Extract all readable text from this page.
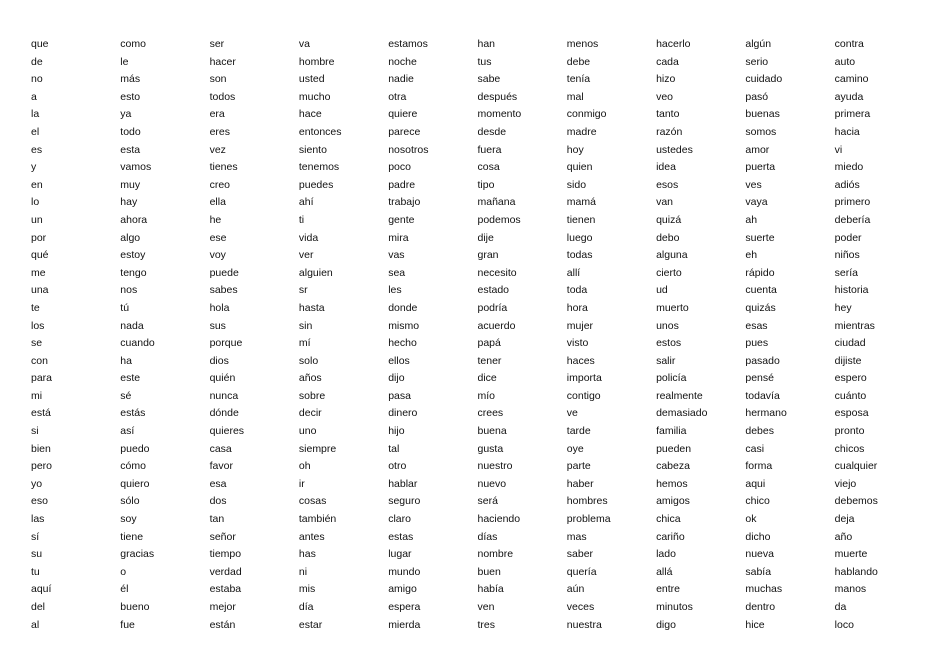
que
de
no
a
la
el
es
y
en
lo
un
por
qué
me
una
te
los
se
con
para
mi
está
si
bien
pero
yo
eso
las
sí
su
tu
aquí
del
al
como
le
más
esto
ya
todo
esta
vamos
muy
hay
ahora
algo
estoy
tengo
nos
tú
nada
cuando
ha
este
sé
estás
así
puedo
cómo
quiero
sólo
soy
tiene
gracias
o
él
bueno
fue
ser
hacer
son
todos
era
eres
vez
tienes
creo
ella
he
ese
voy
puede
sabes
hola
sus
porque
dios
quién
nunca
dónde
quieres
casa
favor
esa
dos
tan
señor
tiempo
verdad
estaba
mejor
están
va
hombre
usted
mucho
hace
entonces
siento
tenemos
puedes
ahí
ti
vida
ver
alguien
sr
hasta
sin
mí
solo
años
sobre
decir
uno
siempre
oh
ir
cosas
también
antes
has
ni
mis
día
estar
estamos
noche
nadie
otra
quiere
parece
nosotros
poco
padre
trabajo
gente
mira
vas
sea
les
donde
mismo
hecho
ellos
dijo
pasa
dinero
hijo
tal
otro
hablar
seguro
claro
estas
lugar
mundo
amigo
espera
mierda
han
tus
sabe
después
momento
desde
fuera
cosa
tipo
mañana
podemos
dije
gran
necesito
estado
podría
acuerdo
papá
tener
dice
mío
crees
buena
gusta
nuestro
nuevo
será
haciendo
días
nombre
buen
había
ven
tres
menos
debe
tenía
mal
conmigo
madre
hoy
quien
sido
mamá
tienen
luego
todas
allí
toda
hora
mujer
visto
haces
importa
contigo
ve
tarde
oye
parte
haber
hombres
problema
mas
saber
quería
aún
veces
nuestra
hacerlo
cada
hizo
veo
tanto
razón
ustedes
idea
esos
van
quizá
debo
alguna
cierto
ud
muerto
unos
estos
salir
policía
realmente
demasiado
familia
pueden
cabeza
hemos
amigos
chica
cariño
lado
allá
entre
minutos
digo
algún
serio
cuidado
pasó
buenas
somos
amor
puerta
ves
vaya
ah
suerte
eh
rápido
cuenta
quizás
esas
pues
pasado
pensé
todavía
hermano
debes
casi
forma
aqui
chico
ok
dicho
nueva
sabía
muchas
dentro
hice
contra
auto
camino
ayuda
primera
hacia
vi
miedo
adiós
primero
debería
poder
niños
sería
historia
hey
mientras
ciudad
dijiste
espero
cuánto
esposa
pronto
chicos
cualquier
viejo
debemos
deja
año
muerte
hablando
manos
da
loco
